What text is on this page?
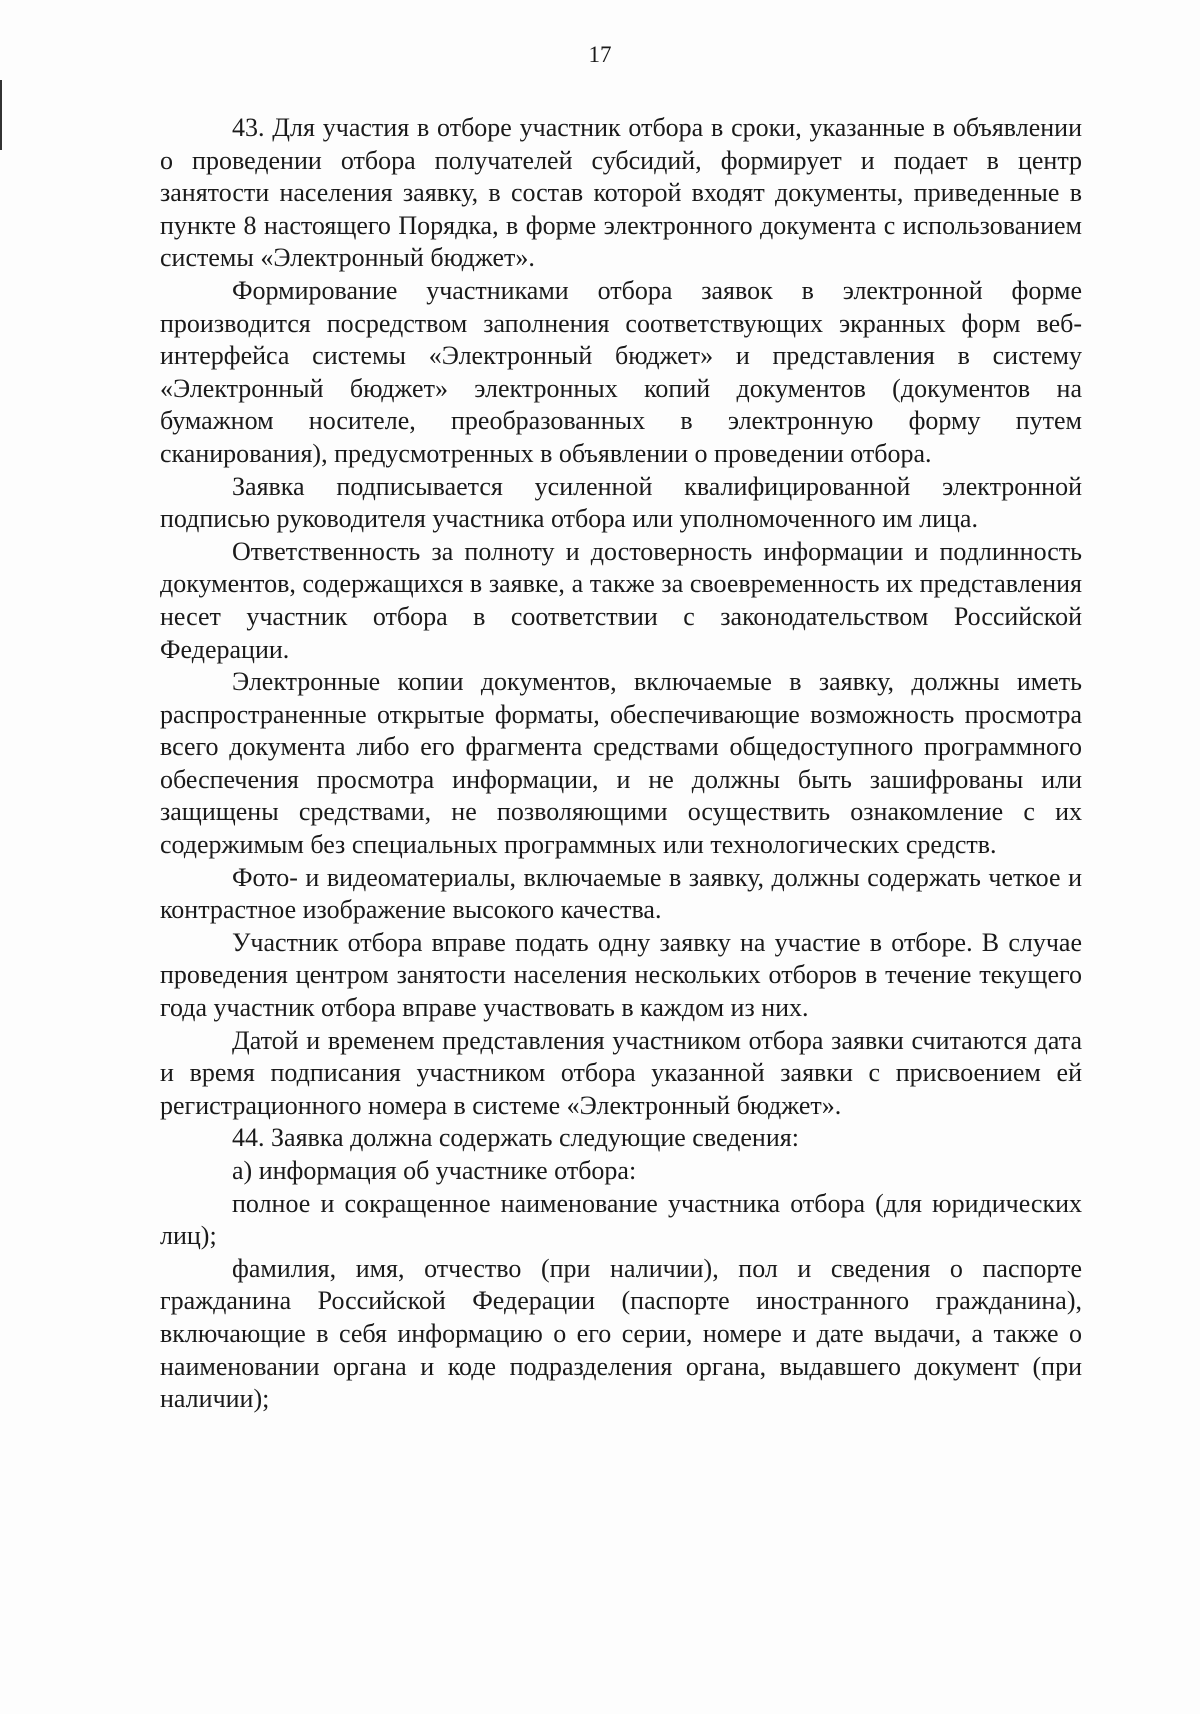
17

43. Для участия в отборе участник отбора в сроки, указанные в объявлении о проведении отбора получателей субсидий, формирует и подает в центр занятости населения заявку, в состав которой входят документы, приведенные в пункте 8 настоящего Порядка, в форме электронного документа с использованием системы «Электронный бюджет».

Формирование участниками отбора заявок в электронной форме производится посредством заполнения соответствующих экранных форм веб-интерфейса системы «Электронный бюджет» и представления в систему «Электронный бюджет» электронных копий документов (документов на бумажном носителе, преобразованных в электронную форму путем сканирования), предусмотренных в объявлении о проведении отбора.

Заявка подписывается усиленной квалифицированной электронной подписью руководителя участника отбора или уполномоченного им лица.

Ответственность за полноту и достоверность информации и подлинность документов, содержащихся в заявке, а также за своевременность их представления несет участник отбора в соответствии с законодательством Российской Федерации.

Электронные копии документов, включаемые в заявку, должны иметь распространенные открытые форматы, обеспечивающие возможность просмотра всего документа либо его фрагмента средствами общедоступного программного обеспечения просмотра информации, и не должны быть зашифрованы или защищены средствами, не позволяющими осуществить ознакомление с их содержимым без специальных программных или технологических средств.

Фото- и видеоматериалы, включаемые в заявку, должны содержать четкое и контрастное изображение высокого качества.

Участник отбора вправе подать одну заявку на участие в отборе. В случае проведения центром занятости населения нескольких отборов в течение текущего года участник отбора вправе участвовать в каждом из них.

Датой и временем представления участником отбора заявки считаются дата и время подписания участником отбора указанной заявки с присвоением ей регистрационного номера в системе «Электронный бюджет».

44. Заявка должна содержать следующие сведения:

а) информация об участнике отбора:

полное и сокращенное наименование участника отбора (для юридических лиц);

фамилия, имя, отчество (при наличии), пол и сведения о паспорте гражданина Российской Федерации (паспорте иностранного гражданина), включающие в себя информацию о его серии, номере и дате выдачи, а также о наименовании органа и коде подразделения органа, выдавшего документ (при наличии);
